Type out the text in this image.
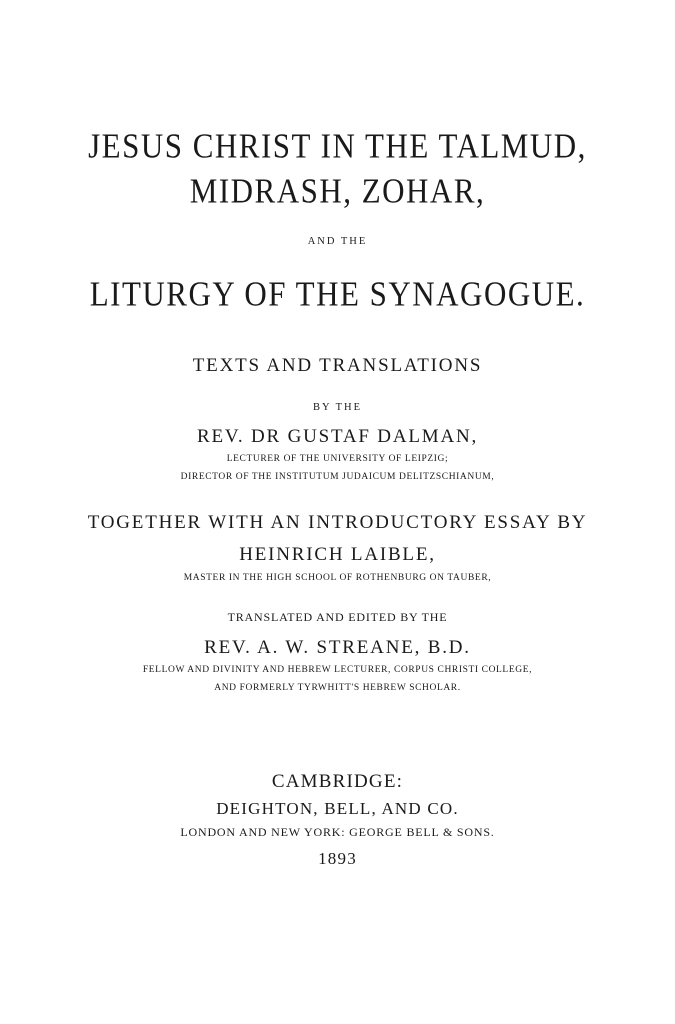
JESUS CHRIST IN THE TALMUD,
MIDRASH, ZOHAR,
AND THE
LITURGY OF THE SYNAGOGUE.
TEXTS AND TRANSLATIONS
BY THE
REV. DR GUSTAF DALMAN,
LECTURER OF THE UNIVERSITY OF LEIPZIG;
DIRECTOR OF THE INSTITUTUM JUDAICUM DELITZSCHIANUM,
TOGETHER WITH AN INTRODUCTORY ESSAY BY
HEINRICH LAIBLE,
MASTER IN THE HIGH SCHOOL OF ROTHENBURG ON TAUBER,
TRANSLATED AND EDITED BY THE
REV. A. W. STREANE, B.D.
FELLOW AND DIVINITY AND HEBREW LECTURER, CORPUS CHRISTI COLLEGE,
AND FORMERLY TYRWHITT'S HEBREW SCHOLAR.
CAMBRIDGE:
DEIGHTON, BELL, AND CO.
LONDON AND NEW YORK: GEORGE BELL & SONS.
1893
